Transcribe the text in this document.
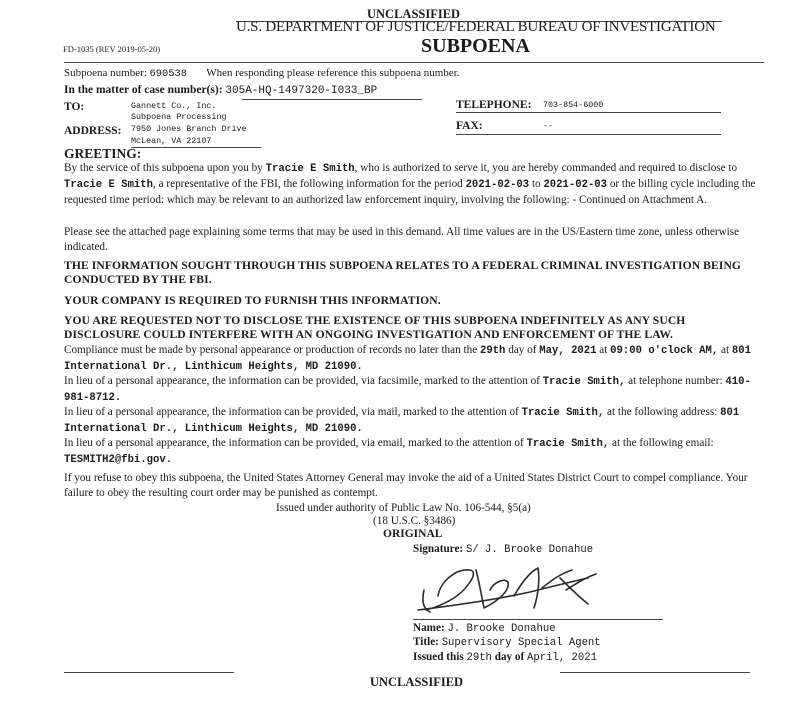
UNCLASSIFIED
U.S. DEPARTMENT OF JUSTICE/FEDERAL BUREAU OF INVESTIGATION
FD-1035 (REV 2019-05-20)	SUBPOENA
Subpoena number: 690538 When responding please reference this subpoena number.
In the matter of case number(s): 305A-HQ-1497320-I033_BP
TO:	Gannett Co., Inc.
Subpoena Processing
ADDRESS: 7950 Jones Branch Drive
McLean, VA 22107
TELEPHONE: 703-854-6000
FAX:	--
GREETING:
By the service of this subpoena upon you by Tracie E Smith, who is authorized to serve it, you are hereby commanded and required to disclose to Tracie E Smith, a representative of the FBI, the following information for the period 2021-02-03 to 2021-02-03 or the billing cycle including the requested time period: which may be relevant to an authorized law enforcement inquiry, involving the following: - Continued on Attachment A.
Please see the attached page explaining some terms that may be used in this demand. All time values are in the US/Eastern time zone, unless otherwise indicated.
THE INFORMATION SOUGHT THROUGH THIS SUBPOENA RELATES TO A FEDERAL CRIMINAL INVESTIGATION BEING CONDUCTED BY THE FBI.
YOUR COMPANY IS REQUIRED TO FURNISH THIS INFORMATION.
YOU ARE REQUESTED NOT TO DISCLOSE THE EXISTENCE OF THIS SUBPOENA INDEFINITELY AS ANY SUCH DISCLOSURE COULD INTERFERE WITH AN ONGOING INVESTIGATION AND ENFORCEMENT OF THE LAW.
Compliance must be made by personal appearance or production of records no later than the 29th day of May, 2021 at 09:00 o'clock AM, at 801 International Dr., Linthicum Heights, MD 21090.
In lieu of a personal appearance, the information can be provided, via facsimile, marked to the attention of Tracie Smith, at telephone number: 410-981-8712.
In lieu of a personal appearance, the information can be provided, via mail, marked to the attention of Tracie Smith, at the following address: 801 International Dr., Linthicum Heights, MD 21090.
In lieu of a personal appearance, the information can be provided, via email, marked to the attention of Tracie Smith, at the following email: TESMITH2@fbi.gov.
If you refuse to obey this subpoena, the United States Attorney General may invoke the aid of a United States District Court to compel compliance. Your failure to obey the resulting court order may be punished as contempt.
Issued under authority of Public Law No. 106-544, §5(a)
(18 U.S.C. §3486)
ORIGINAL
Signature: S/ J. Brooke Donahue
Name: J. Brooke Donahue
Title: Supervisory Special Agent
Issued this 29th day of April, 2021
UNCLASSIFIED
